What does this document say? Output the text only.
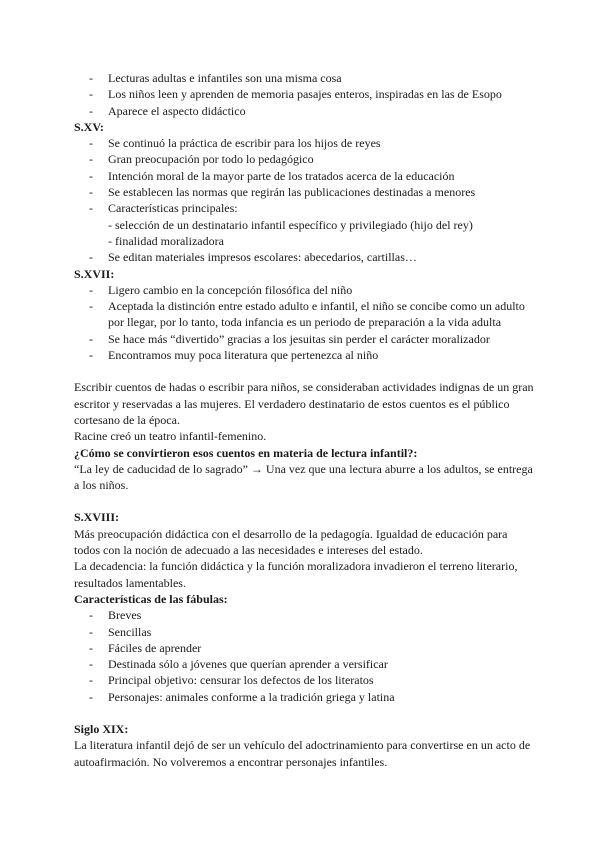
- Lecturas adultas e infantiles son una misma cosa
- Los niños leen y aprenden de memoria pasajes enteros, inspiradas en las de Esopo
- Aparece el aspecto didáctico
S.XV:
- Se continuó la práctica de escribir para los hijos de reyes
- Gran preocupación por todo lo pedagógico
- Intención moral de la mayor parte de los tratados acerca de la educación
- Se establecen las normas que regirán las publicaciones destinadas a menores
- Características principales:
- selección de un destinatario infantil específico y privilegiado (hijo del rey)
- finalidad moralizadora
- Se editan materiales impresos escolares: abecedarios, cartillas…
S.XVII:
- Ligero cambio en la concepción filosófica del niño
- Aceptada la distinción entre estado adulto e infantil, el niño se concibe como un adulto por llegar, por lo tanto, toda infancia es un periodo de preparación a la vida adulta
- Se hace más “divertido” gracias a los jesuitas sin perder el carácter moralizador
- Encontramos muy poca literatura que pertenezca al niño
Escribir cuentos de hadas o escribir para niños, se consideraban actividades indignas de un gran escritor y reservadas a las mujeres. El verdadero destinatario de estos cuentos es el público cortesano de la época.
Racine creó un teatro infantil-femenino.
¿Cómo se convirtieron esos cuentos en materia de lectura infantil?:
“La ley de caducidad de lo sagrado” → Una vez que una lectura aburre a los adultos, se entrega a los niños.
S.XVIII:
Más preocupación didáctica con el desarrollo de la pedagogía. Igualdad de educación para todos con la noción de adecuado a las necesidades e intereses del estado.
La decadencia: la función didáctica y la función moralizadora invadieron el terreno literario, resultados lamentables.
Características de las fábulas:
- Breves
- Sencillas
- Fáciles de aprender
- Destinada sólo a jóvenes que querían aprender a versificar
- Principal objetivo: censurar los defectos de los literatos
- Personajes: animales conforme a la tradición griega y latina
Siglo XIX:
La literatura infantil dejó de ser un vehículo del adoctrinamiento para convertirse en un acto de autoafirmación. No volveremos a encontrar personajes infantiles.
